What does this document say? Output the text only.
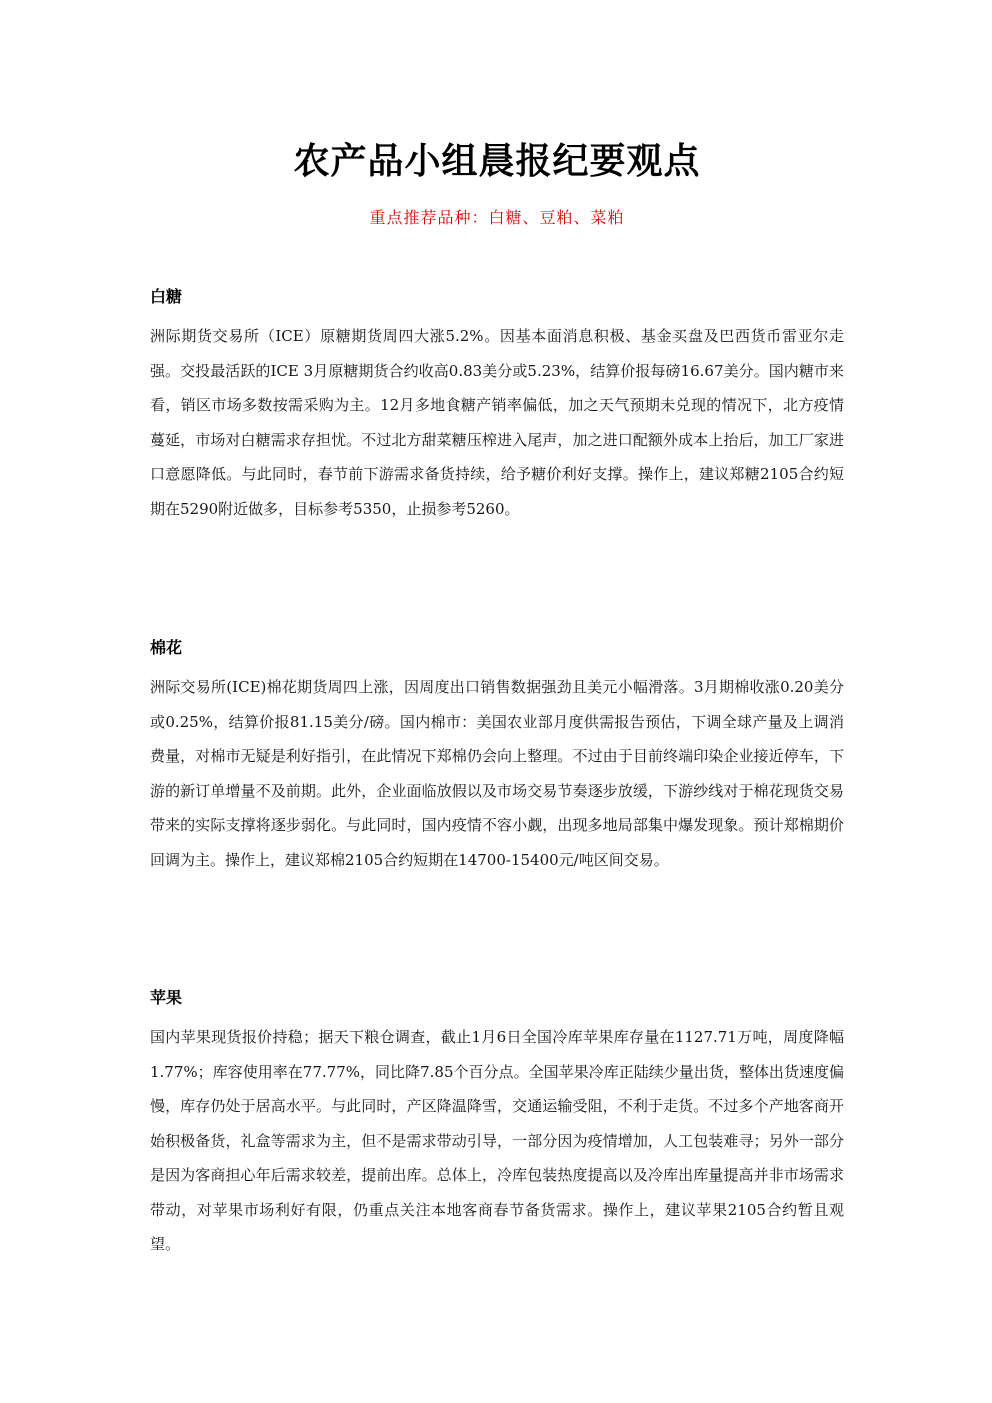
农产品小组晨报纪要观点
重点推荐品种：白糖、豆粕、菜粕
白糖

洲际期货交易所（ICE）原糖期货周四大涨5.2%。因基本面消息积极、基金买盘及巴西货币雷亚尔走强。交投最活跃的ICE 3月原糖期货合约收高0.83美分或5.23%，结算价报每磅16.67美分。国内糖市来看，销区市场多数按需采购为主。12月多地食糖产销率偏低，加之天气预期未兑现的情况下，北方疫情蔓延，市场对白糖需求存担忧。不过北方甜菜糖压榨进入尾声，加之进口配额外成本上抬后，加工厂家进口意愿降低。与此同时，春节前下游需求备货持续，给予糖价利好支撑。操作上，建议郑糖2105合约短期在5290附近做多，目标参考5350，止损参考5260。

棉花

洲际交易所(ICE)棉花期货周四上涨，因周度出口销售数据强劲且美元小幅滑落。3月期棉收涨0.20美分或0.25%，结算价报81.15美分/磅。国内棉市：美国农业部月度供需报告预估，下调全球产量及上调消费量，对棉市无疑是利好指引，在此情况下郑棉仍会向上整理。不过由于目前终端印染企业接近停车，下游的新订单增量不及前期。此外，企业面临放假以及市场交易节奏逐步放缓，下游纱线对于棉花现货交易带来的实际支撑将逐步弱化。与此同时，国内疫情不容小觑，出现多地局部集中爆发现象。预计郑棉期价回调为主。操作上，建议郑棉2105合约短期在14700-15400元/吨区间交易。

苹果

国内苹果现货报价持稳；据天下粮仓调查，截止1月6日全国冷库苹果库存量在1127.71万吨，周度降幅1.77%；库容使用率在77.77%，同比降7.85个百分点。全国苹果冷库正陆续少量出货，整体出货速度偏慢，库存仍处于居高水平。与此同时，产区降温降雪，交通运输受阻，不利于走货。不过多个产地客商开始积极备货，礼盒等需求为主，但不是需求带动引导，一部分因为疫情增加，人工包装难寻；另外一部分是因为客商担心年后需求较差，提前出库。总体上，冷库包装热度提高以及冷库出库量提高并非市场需求带动，对苹果市场利好有限，仍重点关注本地客商春节备货需求。操作上，建议苹果2105合约暂且观望。
